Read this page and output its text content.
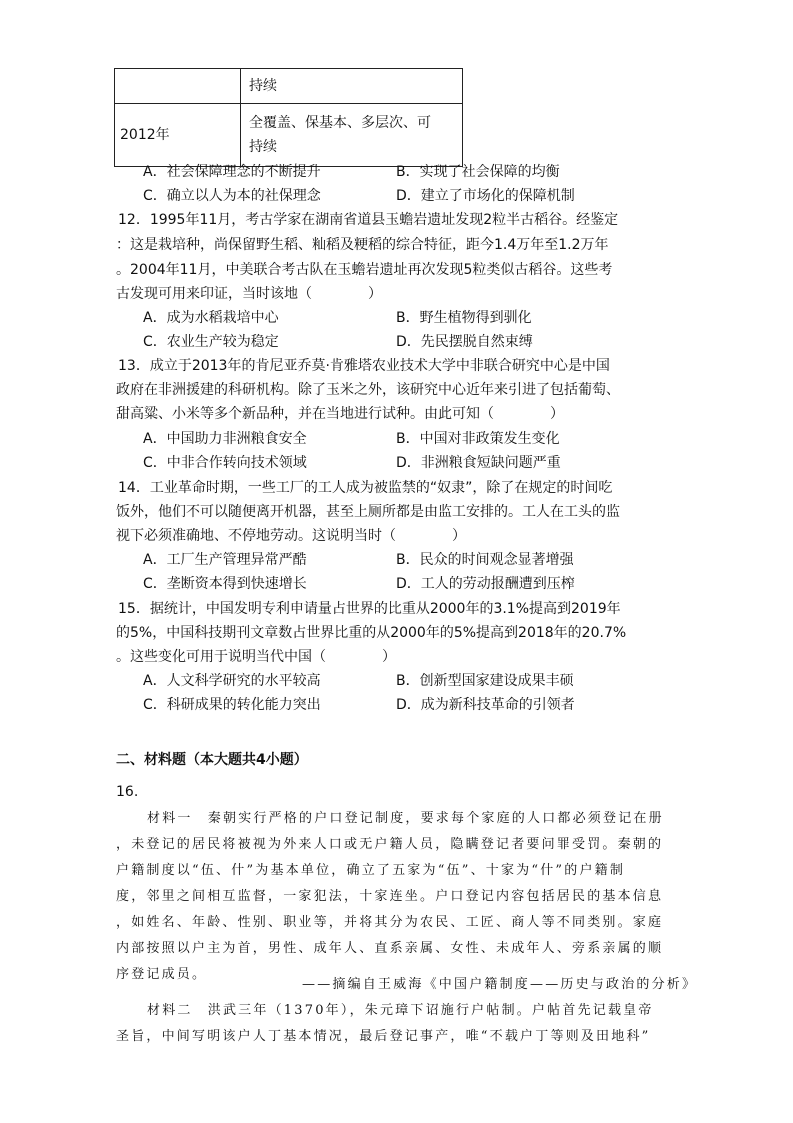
	持续
2012年	全覆盖、保基本、多层次、可
持续
A．社会保障理念的不断提升	B．实现了社会保障的均衡
C．确立以人为本的社保理念	D．建立了市场化的保障机制
12．1995年11月，考古学家在湖南省道县玉蟾岩遗址发现2粒半古稻谷。经鉴定
：这是栽培种，尚保留野生稻、籼稻及粳稻的综合特征，距今1.4万年至1.2万年
。2004年11月，中美联合考古队在玉蟾岩遗址再次发现5粒类似古稻谷。这些考
古发现可用来印证，当时该地（　　　　）
A．成为水稻栽培中心	B．野生植物得到驯化
C．农业生产较为稳定	D．先民摆脱自然束缚
13．成立于2013年的肯尼亚乔莫·肯雅塔农业技术大学中非联合研究中心是中国
政府在非洲援建的科研机构。除了玉米之外，该研究中心近年来引进了包括葡萄、
甜高粱、小米等多个新品种，并在当地进行试种。由此可知（　　　　）
A．中国助力非洲粮食安全	B．中国对非政策发生变化
C．中非合作转向技术领域	D．非洲粮食短缺问题严重
14．工业革命时期，一些工厂的工人成为被监禁的“奴隶”，除了在规定的时间吃
饭外，他们不可以随便离开机器，甚至上厕所都是由监工安排的。工人在工头的监
视下必须准确地、不停地劳动。这说明当时（　　　　）
A．工厂生产管理异常严酷	B．民众的时间观念显著增强
C．垄断资本得到快速增长	D．工人的劳动报酬遭到压榨
15．据统计，中国发明专利申请量占世界的比重从2000年的3.1%提高到2019年
的5%，中国科技期刊文章数占世界比重的从2000年的5%提高到2018年的20.7%
。这些变化可用于说明当代中国（　　　　）
A．人文科学研究的水平较高	B．创新型国家建设成果丰硕
C．科研成果的转化能力突出	D．成为新科技革命的引领者
二、材料题（本大题共4小题）
16.
材料一　秦朝实行严格的户口登记制度，要求每个家庭的人口都必须登记在册
，未登记的居民将被视为外来人口或无户籍人员，隐瞒登记者要问罪受罚。秦朝的
户籍制度以“伍、什”为基本单位，确立了五家为“伍”、十家为“什”的户籍制
度，邻里之间相互监督，一家犯法，十家连坐。户口登记内容包括居民的基本信息
，如姓名、年龄、性别、职业等，并将其分为农民、工匠、商人等不同类别。家庭
内部按照以户主为首，男性、成年人、直系亲属、女性、未成年人、旁系亲属的顺
序登记成员。
——摘编自王威海《中国户籍制度——历史与政治的分析》
材料二　洪武三年（1370年），朱元璋下诏施行户帖制。户帖首先记载皇帝
圣旨，中间写明该户人丁基本情况，最后登记事产，唯“不载户丁等则及田地科”
